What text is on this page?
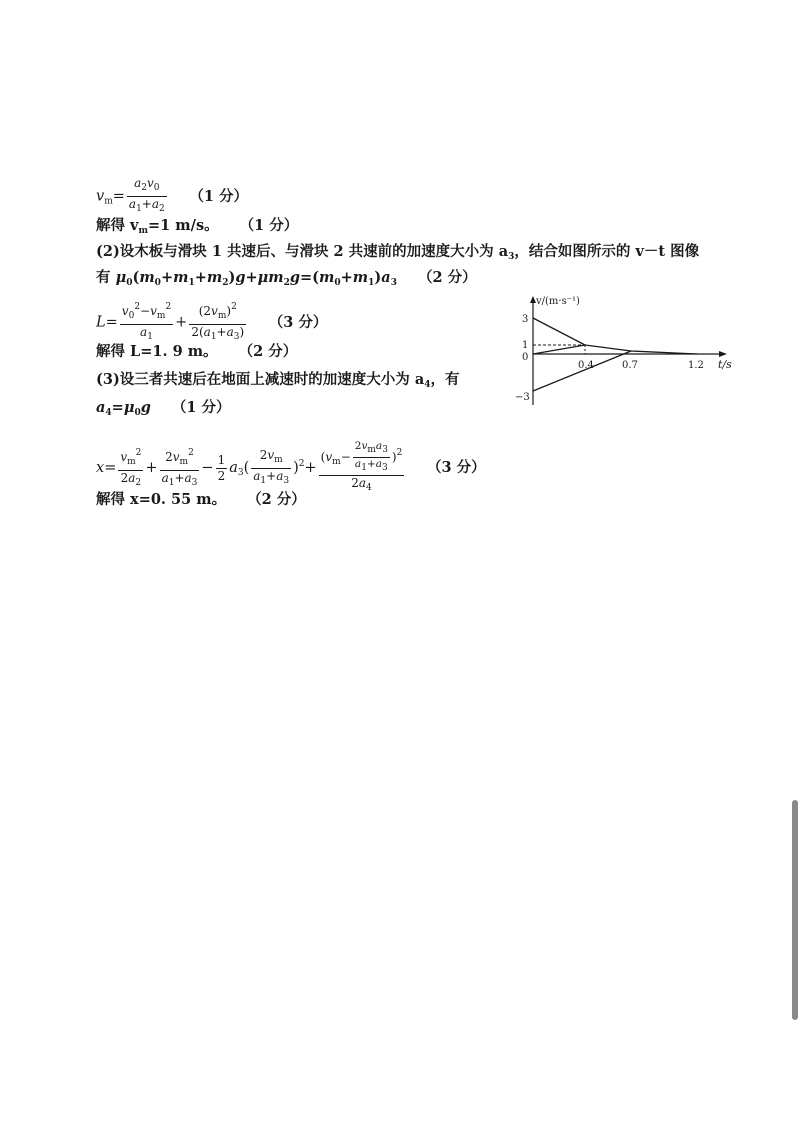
$v_m= \frac{a_2v_0}{a_1+a_2} (1$ 分）
解得 $v_m=1$ m/s。 （1 分）
(2)设木板与滑块 1 共速后、与滑块 2 共速前的加速度大小为 $a_3$，结合如图所示的 v－t 图像
有 $\mu_0(m_0+m_1+m_2)g+\mu m_2g=(m_0+m_1)a_3$ （2 分）
$L= \frac{v_0^2-v_m^2}{a_1} + \frac{(2v_m)^2}{2(a_1+a_3)} (3$ 分）
解得 L=1. 9 m。 （2 分）
(3)设三者共速后在地面上减速时的加速度大小为 $a_4$，有
$a_4=\mu_0g$ （1 分）
$x= \frac{v_m^2}{2a_2} + \frac{2v_m^2}{a_1+a_3} - \frac{1}{2} a_3( \frac{2v_m}{a_1+a_3} )^2+ \frac{(v_m- \frac{\text{2vma3}}{a1+a3} )^2}{2a_4} (3$ 分）
解得 x=0. 55 m。 （2 分）
v/(m·s⁻¹)
t/s
3
1
0
−3
0.4	0.7	1.2
